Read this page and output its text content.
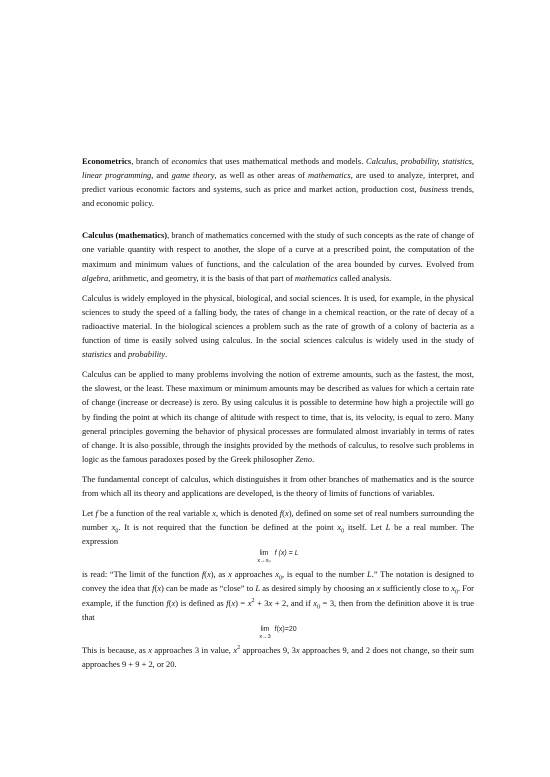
Econometrics, branch of economics that uses mathematical methods and models. Calculus, probability, statistics, linear programming, and game theory, as well as other areas of mathematics, are used to analyze, interpret, and predict various economic factors and systems, such as price and market action, production cost, business trends, and economic policy.

Calculus (mathematics), branch of mathematics concerned with the study of such concepts as the rate of change of one variable quantity with respect to another, the slope of a curve at a prescribed point, the computation of the maximum and minimum values of functions, and the calculation of the area bounded by curves. Evolved from algebra, arithmetic, and geometry, it is the basis of that part of mathematics called analysis.

Calculus is widely employed in the physical, biological, and social sciences. It is used, for example, in the physical sciences to study the speed of a falling body, the rates of change in a chemical reaction, or the rate of decay of a radioactive material. In the biological sciences a problem such as the rate of growth of a colony of bacteria as a function of time is easily solved using calculus. In the social sciences calculus is widely used in the study of statistics and probability.

Calculus can be applied to many problems involving the notion of extreme amounts, such as the fastest, the most, the slowest, or the least. These maximum or minimum amounts may be described as values for which a certain rate of change (increase or decrease) is zero. By using calculus it is possible to determine how high a projectile will go by finding the point at which its change of altitude with respect to time, that is, its velocity, is equal to zero. Many general principles governing the behavior of physical processes are formulated almost invariably in terms of rates of change. It is also possible, through the insights provided by the methods of calculus, to resolve such problems in logic as the famous paradoxes posed by the Greek philosopher Zeno.

The fundamental concept of calculus, which distinguishes it from other branches of mathematics and is the source from which all its theory and applications are developed, is the theory of limits of functions of variables.

Let f be a function of the real variable x, which is denoted f(x), defined on some set of real numbers surrounding the number $x_0$. It is not required that the function be defined at the point $x_0$ itself. Let L be a real number. The expression

lim
x→x₀
f (x) = L

is read: “The limit of the function f(x), as x approaches $x_0$, is equal to the number L.” The notation is designed to convey the idea that f(x) can be made as “close” to L as desired simply by choosing an x sufficiently close to $x_0$. For example, if the function f(x) is defined as $f(x) = x^2 + 3x + 2$, and if $x_0 = 3$, then from the definition above it is true that

lim
x→3
f(x)=20

This is because, as x approaches 3 in value, $x^2$ approaches 9, 3x approaches 9, and 2 does not change, so their sum approaches 9 + 9 + 2, or 20.
